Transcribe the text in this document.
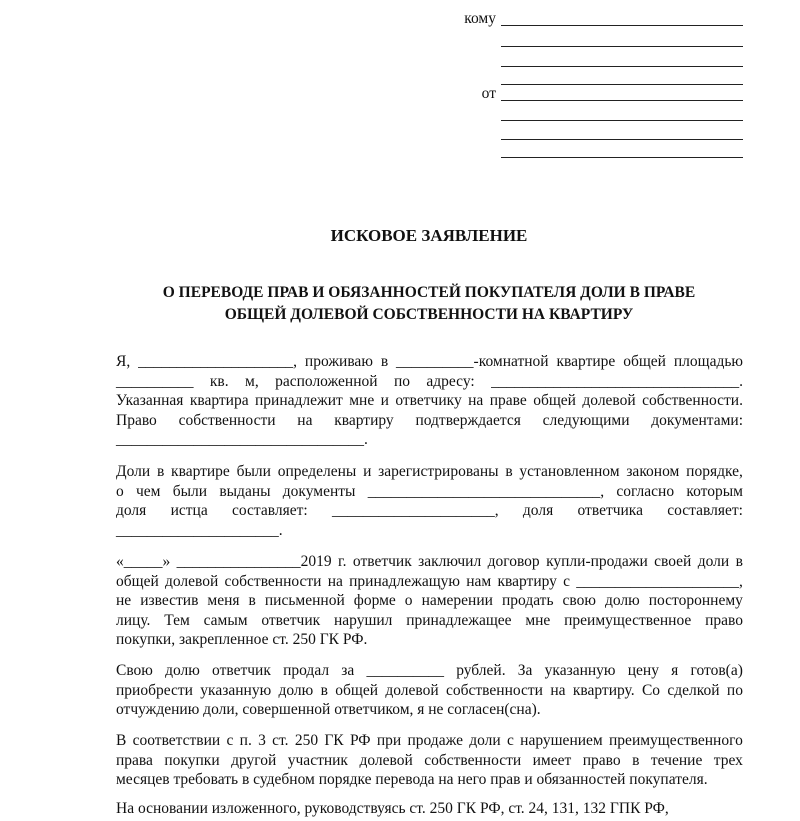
кому
от
ИСКОВОЕ ЗАЯВЛЕНИЕ
О ПЕРЕВОДЕ ПРАВ И ОБЯЗАННОСТЕЙ ПОКУПАТЕЛЯ ДОЛИ В ПРАВЕ
ОБЩЕЙ ДОЛЕВОЙ СОБСТВЕННОСТИ НА КВАРТИРУ
Я, ____________________, проживаю в __________-комнатной квартире общей площадью
__________ кв. м, расположенной по адресу: ________________________________.
Указанная квартира принадлежит мне и ответчику на праве общей долевой собственности.
Право собственности на квартиру подтверждается следующими документами:
________________________________.
Доли в квартире были определены и зарегистрированы в установленном законом порядке,
о чем были выданы документы ______________________________, согласно которым
доля истца составляет: _____________________, доля ответчика составляет:
_____________________.
«_____» ________________2019 г. ответчик заключил договор купли-продажи своей доли в
общей долевой собственности на принадлежащую нам квартиру с _____________________,
не известив меня в письменной форме о намерении продать свою долю постороннему
лицу. Тем самым ответчик нарушил принадлежащее мне преимущественное право
покупки, закрепленное ст. 250 ГК РФ.
Свою долю ответчик продал за __________ рублей. За указанную цену я готов(а)
приобрести указанную долю в общей долевой собственности на квартиру. Со сделкой по
отчуждению доли, совершенной ответчиком, я не согласен(сна).
В соответствии с п. 3 ст. 250 ГК РФ при продаже доли с нарушением преимущественного
права покупки другой участник долевой собственности имеет право в течение трех
месяцев требовать в судебном порядке перевода на него прав и обязанностей покупателя.
На основании изложенного, руководствуясь ст. 250 ГК РФ, ст. 24, 131, 132 ГПК РФ,
